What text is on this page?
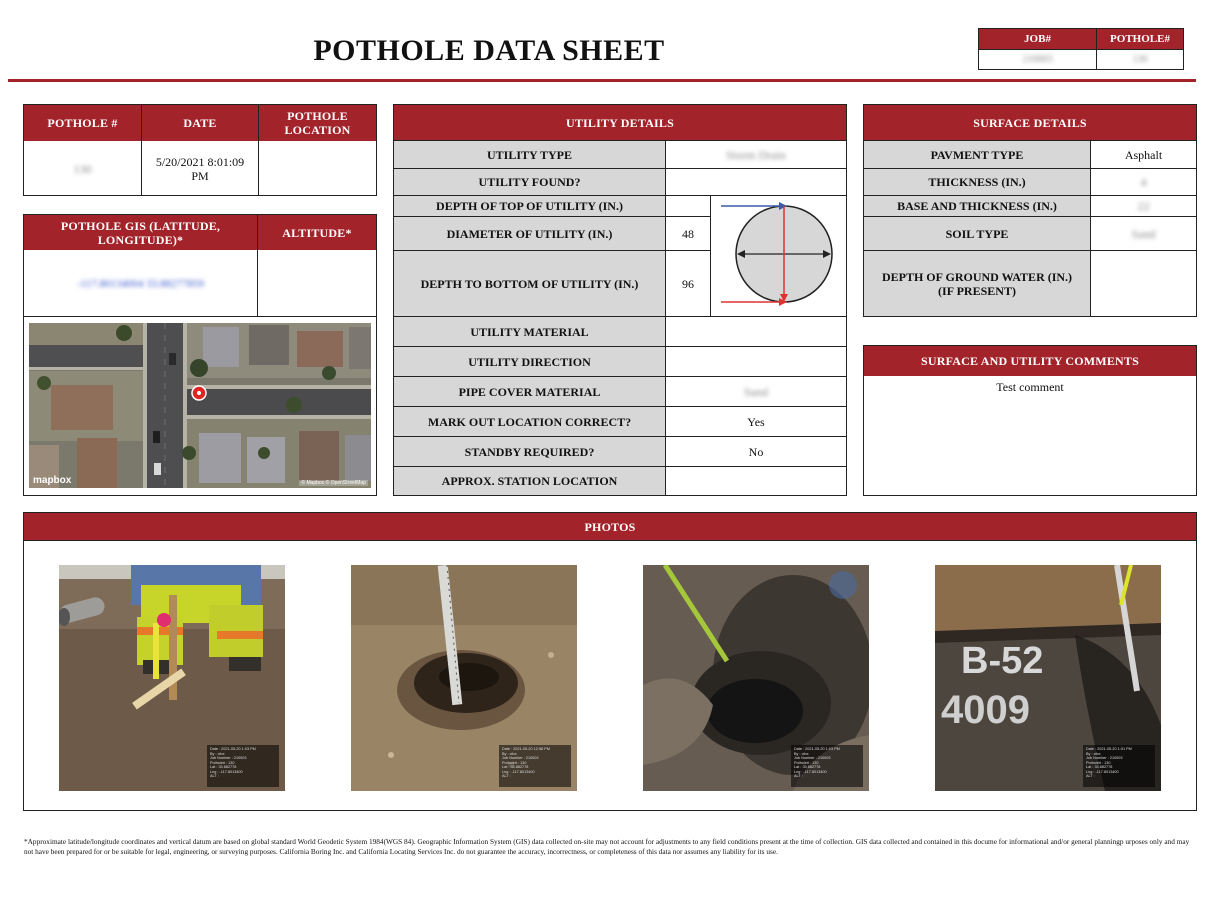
POTHOLE DATA SHEET	JOB#	POTHOLE#
210003	130
POTHOLE #	DATE	POTHOLE LOCATION
130	5/20/2021 8:01:09 PM
POTHOLE GIS (LATITUDE, LONGITUDE)*	ALTITUDE*
-117.80134004 33.88277859
mapbox	© Mapbox © OpenStreetMap
UTILITY DETAILS
UTILITY TYPE	Storm Drain
UTILITY FOUND?
DEPTH OF TOP OF UTILITY (IN.)
DIAMETER OF UTILITY (IN.)	48
DEPTH TO BOTTOM OF UTILITY (IN.)	96
UTILITY MATERIAL
UTILITY DIRECTION
PIPE COVER MATERIAL	Sand
MARK OUT LOCATION CORRECT?	Yes
STANDBY REQUIRED?	No
APPROX. STATION LOCATION
SURFACE DETAILS
PAVMENT TYPE	Asphalt
THICKNESS (IN.)	4
BASE AND THICKNESS (IN.)	22
SOIL TYPE	Sand
DEPTH OF GROUND WATER (IN.) (IF PRESENT)
SURFACE AND UTILITY COMMENTS
Test comment
PHOTOS
Date : 2021-05-20 1:03 PM
By : cfox
Job Number : 210003
Pothole# : 130
Lat : 33.882778
Lng : -117.8013400
ALT :
Date : 2021-05-20 12:58 PM
By : cfox
Job Number : 210003
Pothole# : 130
Lat : 33.882778
Lng : -117.8013400
ALT :
Date : 2021-05-20 1:03 PM
By : cfox
Job Number : 210003
Pothole# : 130
Lat : 33.882778
Lng : -117.8013400
ALT :
B-52
4009
Date : 2021-05-20 1:01 PM
By : cfox
Job Number : 210003
Pothole# : 130
Lat : 33.882778
Lng : -117.8013400
ALT :
*Approximate latitude/longitude coordinates and vertical datum are based on global standard World Geodetic System 1984(WGS 84). Geographic Information System (GIS) data collected on-site may not account for adjustments to any field conditions present at the time of collection. GIS data collected and contained in this docume for informational and/or general planningp urposes only and may not have been prepared for or be suitable for legal, engineering, or surveying purposes. California Boring Inc. and California Locating Services Inc. do not guarantee the accuracy, incorrectness, or completeness of this data nor assumes any liability for its use.
